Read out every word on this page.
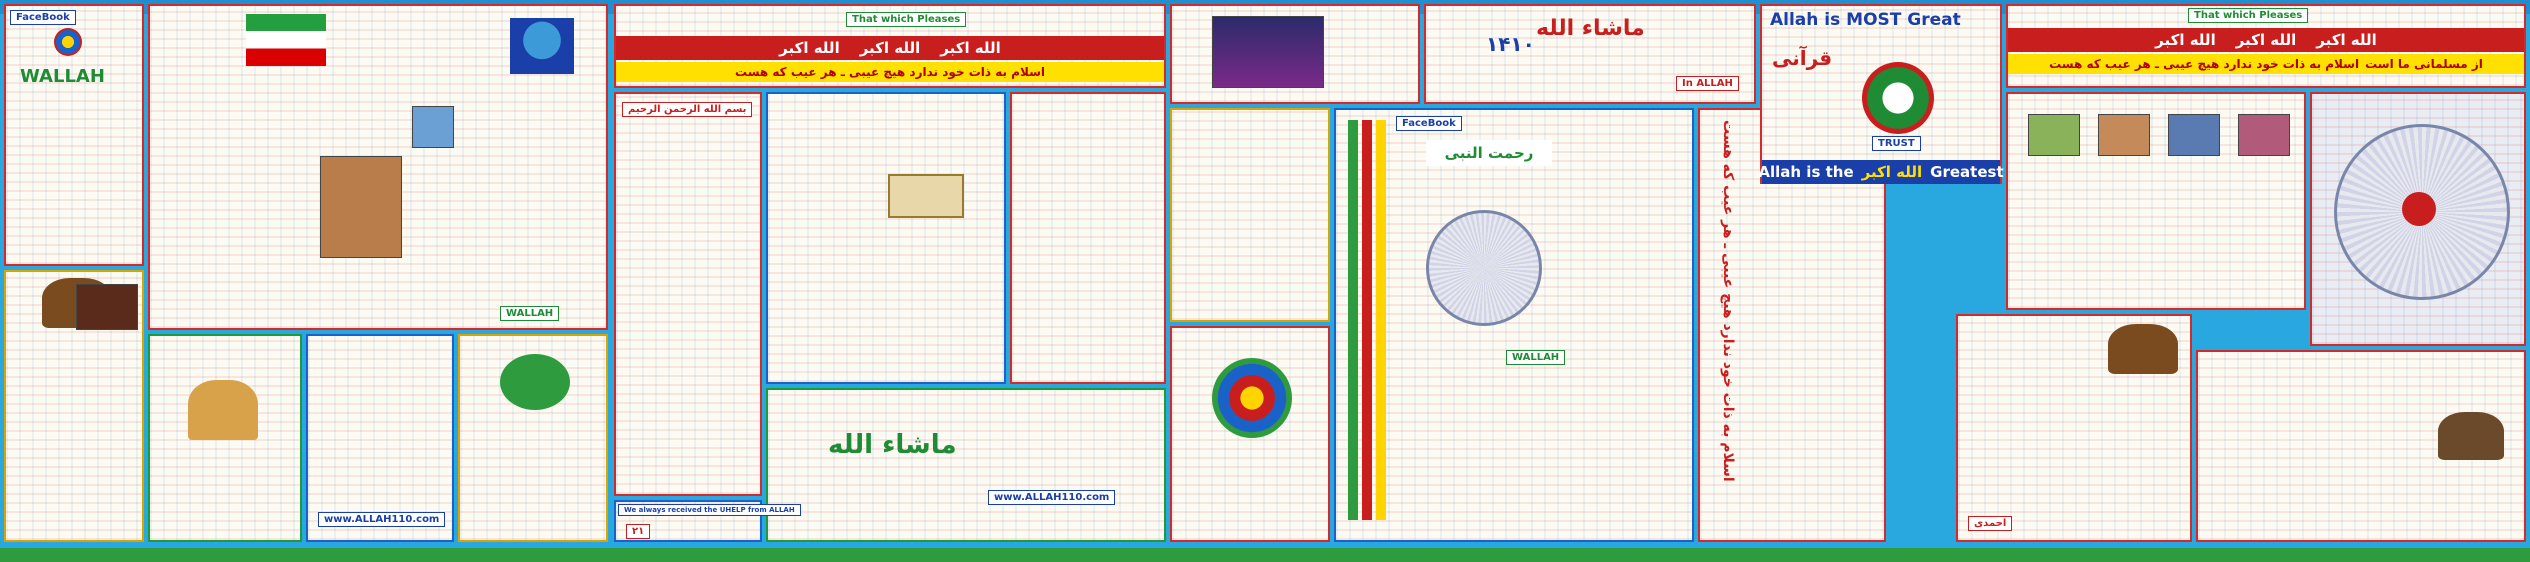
FaceBook
WALLAH
WALLAH
www.ALLAH110.com
الله اکبر الله اکبر الله اکبر
اسلام به ذات خود ندارد هیچ عیبی ـ هر عیب که هست
That which Pleases
بسم الله الرحمن الرحیم
ماشاء الله
www.ALLAH110.com
We always received the UHELP from ALLAH
۲۱
رحمت النبی
FaceBook
WALLAH
ماشاء الله
۱۴۱۰
In ALLAH
اسلام به ذات خود ندارد هیچ عیبی ـ هر عیب که هست
Allah is MOST Great
قرآنی
TRUST
Allah is the الله اکبر Greatest
الله اکبر الله اکبر الله اکبر
اسلام به ذات خود ندارد هیچ عیبی ـ هر عیب که هست از مسلمانی ما است
That which Pleases
احمدی
